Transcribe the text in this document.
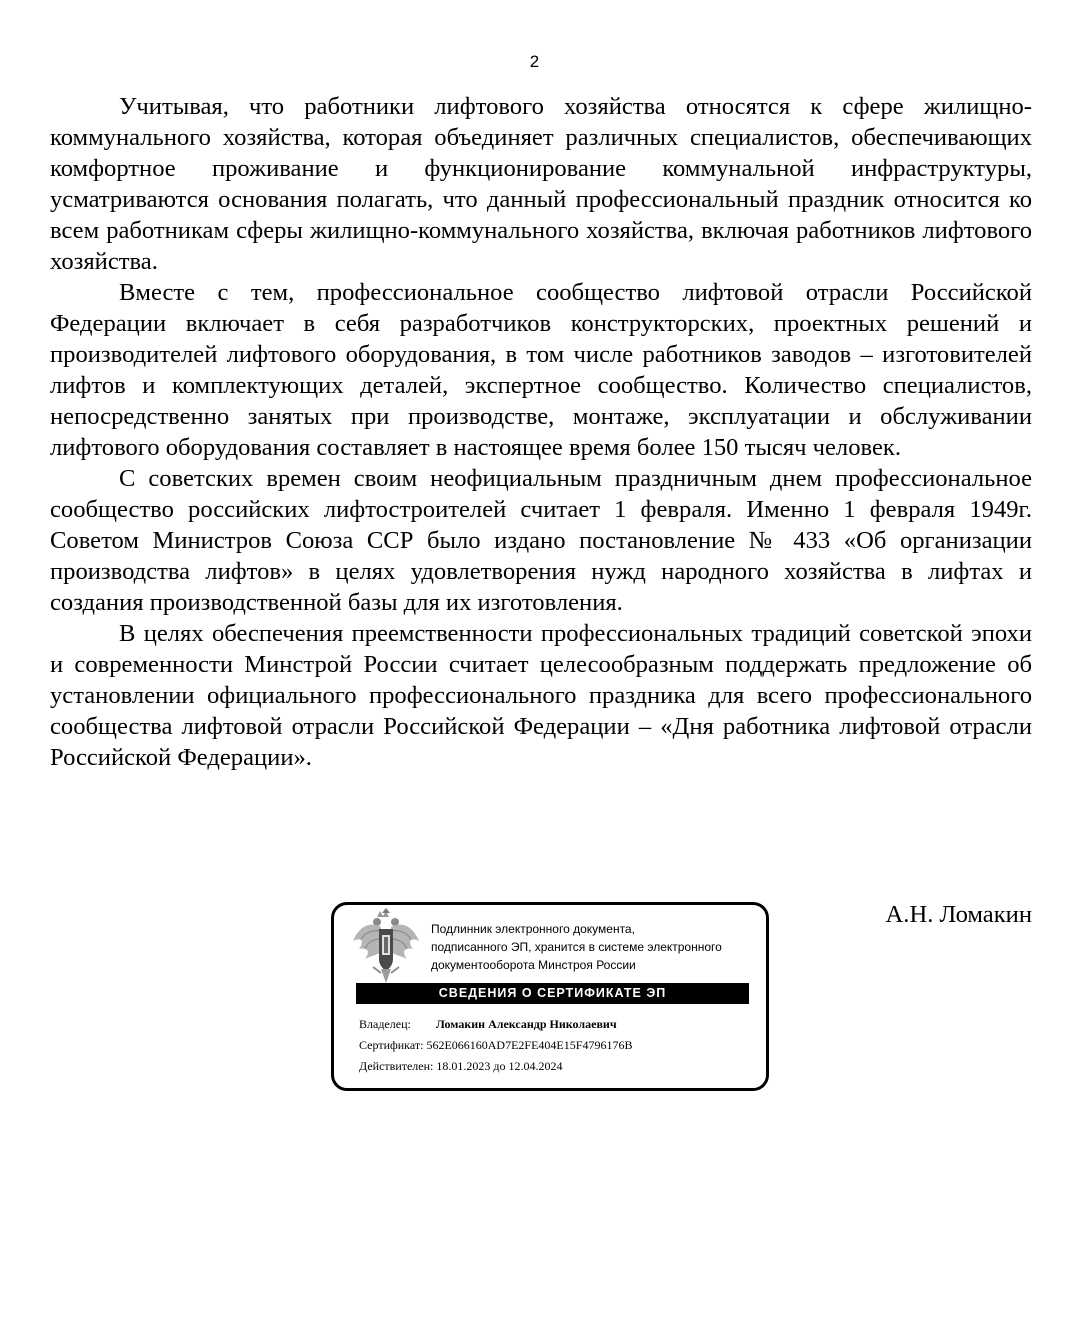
2

Учитывая, что работники лифтового хозяйства относятся к сфере жилищно-коммунального хозяйства, которая объединяет различных специалистов, обеспечивающих комфортное проживание и функционирование коммунальной инфраструктуры, усматриваются основания полагать, что данный профессиональный праздник относится ко всем работникам сферы жилищно-коммунального хозяйства, включая работников лифтового хозяйства.

Вместе с тем, профессиональное сообщество лифтовой отрасли Российской Федерации включает в себя разработчиков конструкторских, проектных решений и производителей лифтового оборудования, в том числе работников заводов – изготовителей лифтов и комплектующих деталей, экспертное сообщество. Количество специалистов, непосредственно занятых при производстве, монтаже, эксплуатации и обслуживании лифтового оборудования составляет в настоящее время более 150 тысяч человек.

С советских времен своим неофициальным праздничным днем профессиональное сообщество российских лифтостроителей считает 1 февраля. Именно 1 февраля 1949г. Советом Министров Союза ССР было издано постановление № 433 «Об организации производства лифтов» в целях удовлетворения нужд народного хозяйства в лифтах и создания производственной базы для их изготовления.

В целях обеспечения преемственности профессиональных традиций советской эпохи и современности Минстрой России считает целесообразным поддержать предложение об установлении официального профессионального праздника для всего профессионального сообщества лифтовой отрасли Российской Федерации – «Дня работника лифтовой отрасли Российской Федерации».

Подлинник электронного документа,
подписанного ЭП, хранится в системе электронного
документооборота Минстроя России
СВЕДЕНИЯ О СЕРТИФИКАТЕ ЭП
Владелец: Ломакин Александр Николаевич
Сертификат: 562E066160AD7E2FE404E15F4796176B
Действителен: 18.01.2023 до 12.04.2024
А.Н. Ломакин
